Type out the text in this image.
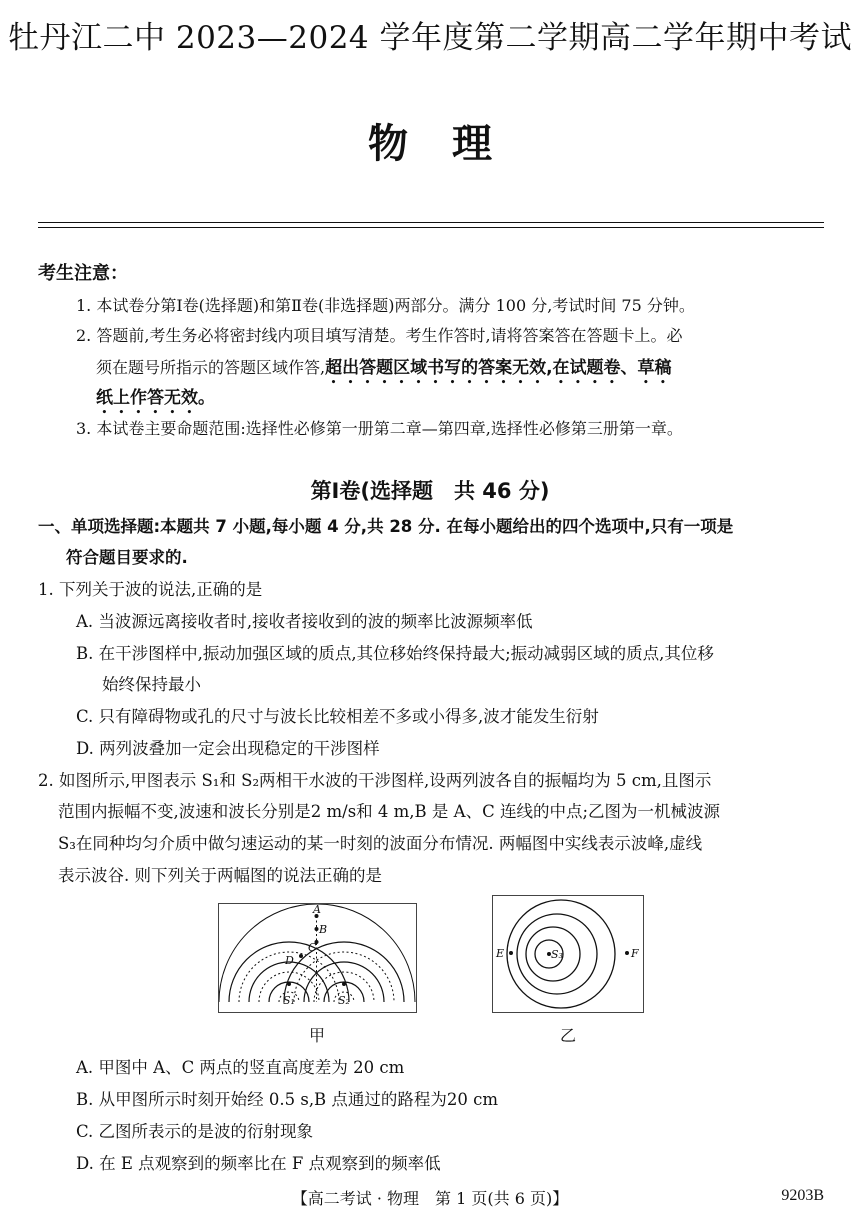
牡丹江二中 2023—2024 学年度第二学期高二学年期中考试
物 理
考生注意：
1. 本试卷分第Ⅰ卷(选择题)和第Ⅱ卷(非选择题)两部分。满分 100 分,考试时间 75 分钟。
2. 答题前,考生务必将密封线内项目填写清楚。考生作答时,请将答案答在答题卡上。必
须在题号所指示的答题区域作答,超出答题区域书写的答案无效,在试题卷、草稿
纸上作答无效。
3. 本试卷主要命题范围:选择性必修第一册第二章—第四章,选择性必修第三册第一章。
第Ⅰ卷(选择题　共 46 分)
一、单项选择题:本题共 7 小题,每小题 4 分,共 28 分. 在每小题给出的四个选项中,只有一项是
符合题目要求的.
1. 下列关于波的说法,正确的是
A. 当波源远离接收者时,接收者接收到的波的频率比波源频率低
B. 在干涉图样中,振动加强区域的质点,其位移始终保持最大;振动减弱区域的质点,其位移
始终保持最小
C. 只有障碍物或孔的尺寸与波长比较相差不多或小得多,波才能发生衍射
D. 两列波叠加一定会出现稳定的干涉图样
2. 如图所示,甲图表示 S₁和 S₂两相干水波的干涉图样,设两列波各自的振幅均为 5 cm,且图示
范围内振幅不变,波速和波长分别是2 m/s和 4 m,B 是 A、C 连线的中点;乙图为一机械波源
S₃在同种均匀介质中做匀速运动的某一时刻的波面分布情况. 两幅图中实线表示波峰,虚线
表示波谷. 则下列关于两幅图的说法正确的是
A
B
C
D
S₁	S₂
甲
S₃
E	F
乙
A. 甲图中 A、C 两点的竖直高度差为 20 cm
B. 从甲图所示时刻开始经 0.5 s,B 点通过的路程为20 cm
C. 乙图所表示的是波的衍射现象
D. 在 E 点观察到的频率比在 F 点观察到的频率低
【高二考试 · 物理　第 1 页(共 6 页)】	9203B
